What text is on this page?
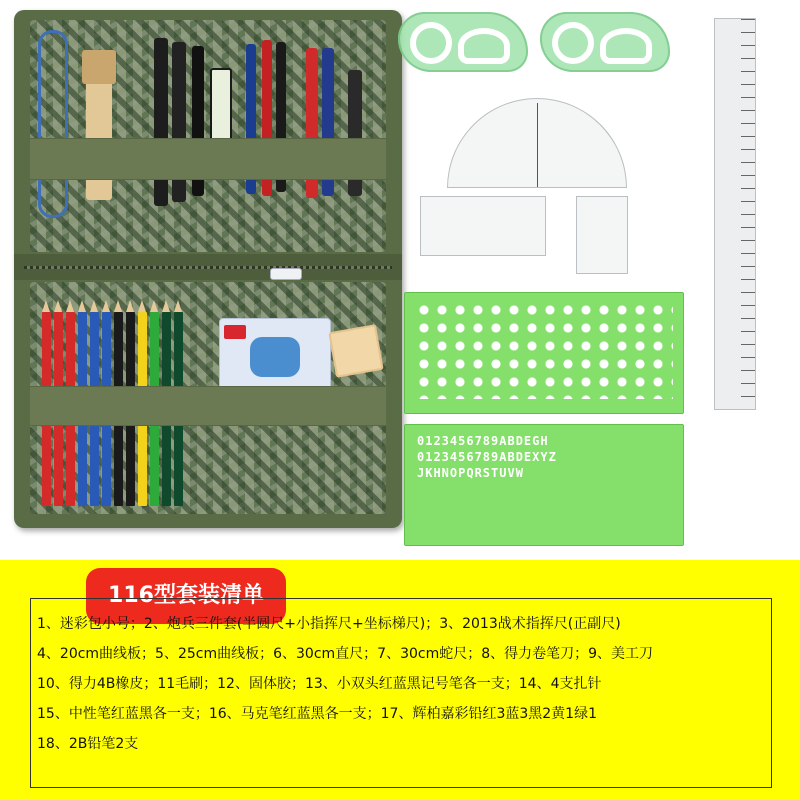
0123456789ABDEGH
0123456789ABDEXYZ
JKHNOPQRSTUVW
116型套装清单
1、迷彩包小号；2、炮兵三件套(半圆尺+小指挥尺+坐标梯尺)；3、2013战术指挥尺(正副尺)
4、20cm曲线板；5、25cm曲线板；6、30cm直尺；7、30cm蛇尺；8、得力卷笔刀；9、美工刀
10、得力4B橡皮；11毛刷；12、固体胶；13、小双头红蓝黑记号笔各一支；14、4支扎针
15、中性笔红蓝黑各一支；16、马克笔红蓝黑各一支；17、辉柏嘉彩铅红3蓝3黑2黄1绿1
18、2B铅笔2支
